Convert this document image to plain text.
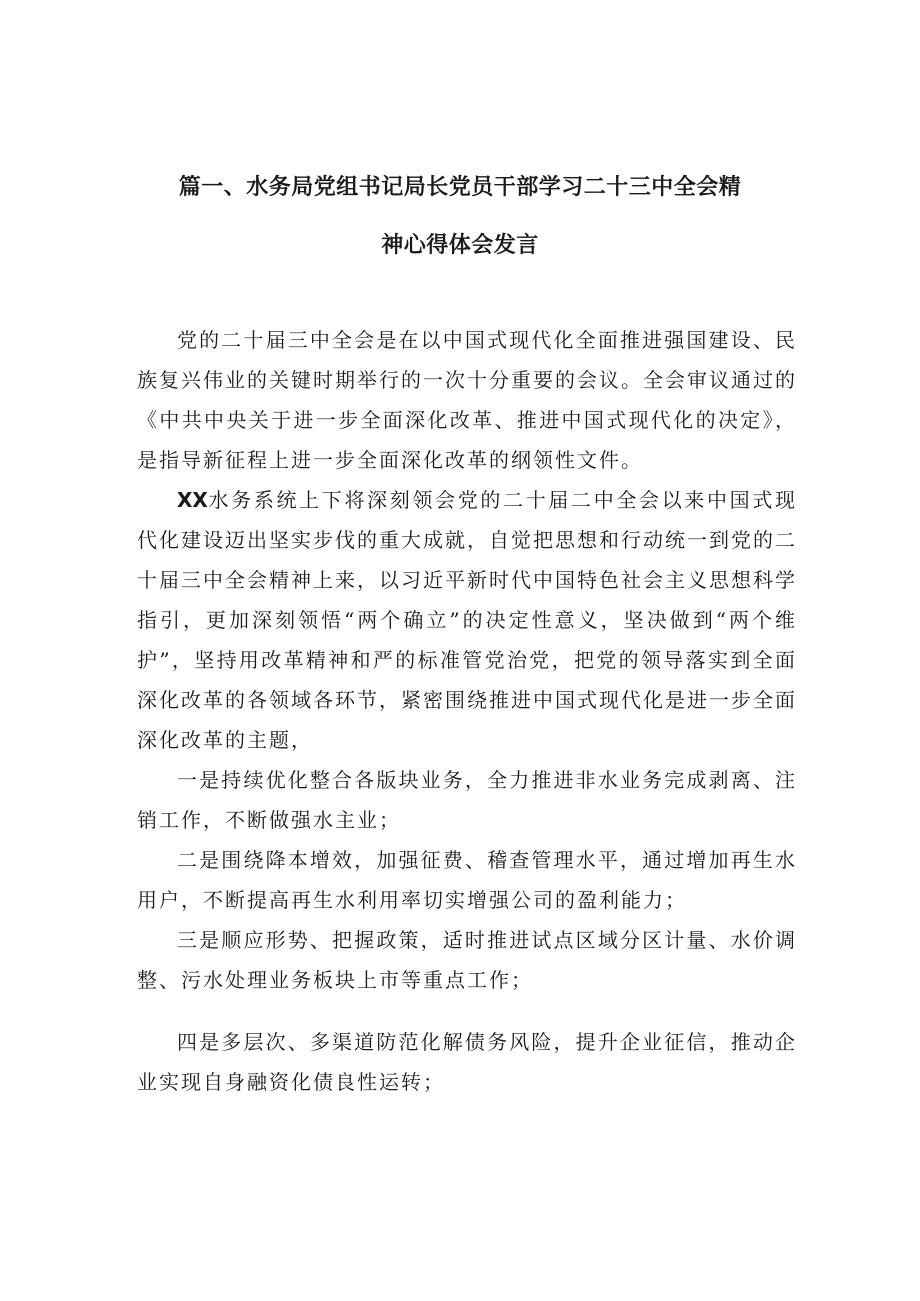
篇一、水务局党组书记局长党员干部学习二十三中全会精
神心得体会发言

党的二十届三中全会是在以中国式现代化全面推进强国建设、民族复兴伟业的关键时期举行的一次十分重要的会议。全会审议通过的《中共中央关于进一步全面深化改革、推进中国式现代化的决定》，是指导新征程上进一步全面深化改革的纲领性文件。

XX水务系统上下将深刻领会党的二十届二中全会以来中国式现代化建设迈出坚实步伐的重大成就，自觉把思想和行动统一到党的二十届三中全会精神上来，以习近平新时代中国特色社会主义思想科学指引，更加深刻领悟“两个确立”的决定性意义，坚决做到“两个维护”，坚持用改革精神和严的标准管党治党，把党的领导落实到全面深化改革的各领域各环节，紧密围绕推进中国式现代化是进一步全面深化改革的主题，

一是持续优化整合各版块业务，全力推进非水业务完成剥离、注销工作，不断做强水主业；

二是围绕降本增效，加强征费、稽查管理水平，通过增加再生水用户，不断提高再生水利用率切实增强公司的盈利能力；

三是顺应形势、把握政策，适时推进试点区域分区计量、水价调整、污水处理业务板块上市等重点工作；

四是多层次、多渠道防范化解债务风险，提升企业征信，推动企业实现自身融资化债良性运转；
